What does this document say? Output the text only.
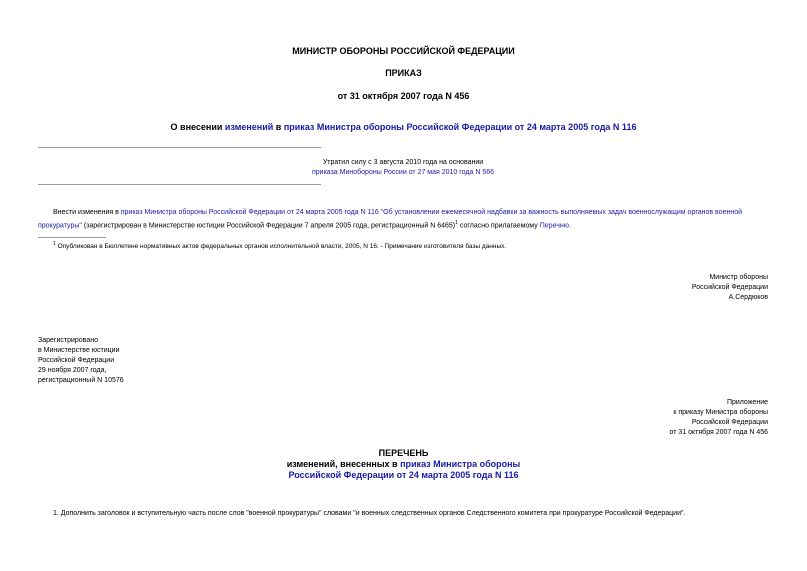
МИНИСТР ОБОРОНЫ РОССИЙСКОЙ ФЕДЕРАЦИИ
ПРИКАЗ
от 31 октября 2007 года N 456
О внесении изменений в приказ Министра обороны Российской Федерации от 24 марта 2005 года N 116
Утратил силу с 3 августа 2010 года на основании
приказа Минобороны России от 27 мая 2010 года N 566
Внести изменения в приказ Министра обороны Российской Федерации от 24 марта 2005 года N 116 "Об установлении ежемесячной надбавки за важность выполняемых задач военнослужащим органов военной прокуратуры" (зарегистрирован в Министерстве юстиции Российской Федерации 7 апреля 2005 года, регистрационный N 6465)$^1$ согласно прилагаемому Перечню.
$^1$ Опубликован в Бюллетене нормативных актов федеральных органов исполнительной власти, 2005, N 16. - Примечание изготовителя базы данных.
Министр обороны
Российской Федерации
А.Сердюков
Зарегистрировано
в Министерстве юстиции
Российской Федерации
29 ноября 2007 года,
регистрационный N 10576
Приложение
к приказу Министра обороны
Российской Федерации
от 31 октября 2007 года N 456
ПЕРЕЧЕНЬ
изменений, внесенных в приказ Министра обороны
Российской Федерации от 24 марта 2005 года N 116
1. Дополнить заголовок и вступительную часть после слов "военной прокуратуры" словами "и военных следственных органов Следственного комитета при прокуратуре Российской Федерации".
